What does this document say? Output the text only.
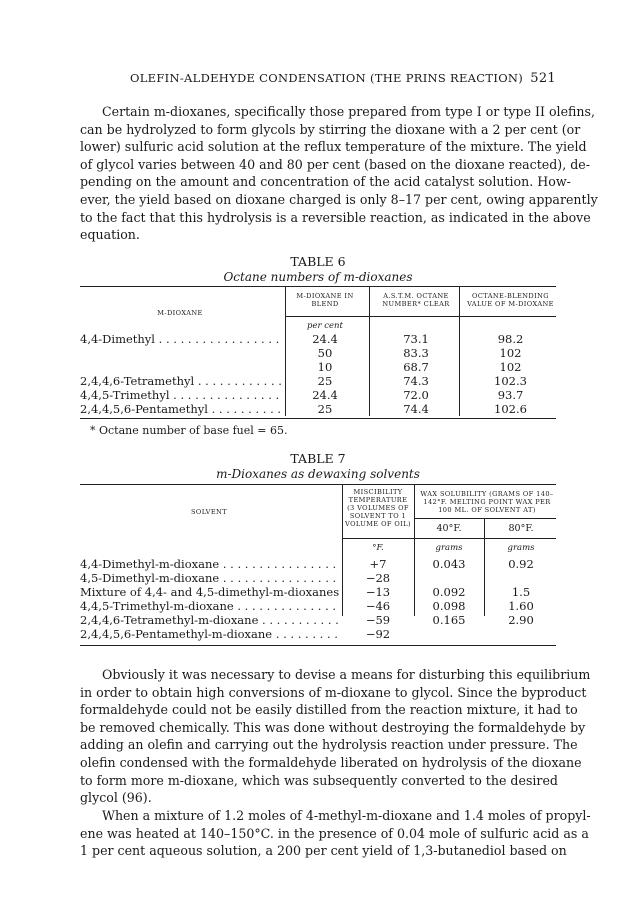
OLEFIN-ALDEHYDE CONDENSATION (THE PRINS REACTION) 521
Certain m-dioxanes, specifically those prepared from type I or type II olefins,
can be hydrolyzed to form glycols by stirring the dioxane with a 2 per cent (or
lower) sulfuric acid solution at the reflux temperature of the mixture. The yield
of glycol varies between 40 and 80 per cent (based on the dioxane reacted), de-
pending on the amount and concentration of the acid catalyst solution. How-
ever, the yield based on dioxane charged is only 8–17 per cent, owing apparently
to the fact that this hydrolysis is a reversible reaction, as indicated in the above
equation.
TABLE 6
Octane numbers of m-dioxanes
M-DIOXANE
M-DIOXANE IN BLEND
A.S.T.M. OCTANE NUMBER* CLEAR
OCTANE-BLENDING VALUE OF M-DIOXANE
per cent
4,4-Dimethyl . . .	24.4	73.1	98.2
50	83.3	102
10	68.7	102
2,4,4,6-Tetramethyl . . .	25	74.3	102.3
4,4,5-Trimethyl . . .	24.4	72.0	93.7
2,4,4,5,6-Pentamethyl . . .	25	74.4	102.6
* Octane number of base fuel = 65.
TABLE 7
m-Dioxanes as dewaxing solvents
SOLVENT
MISCIBILITY TEMPERATURE (3 VOLUMES OF SOLVENT TO 1 VOLUME OF OIL)
WAX SOLUBILITY (GRAMS OF 140–142°F. MELTING POINT WAX PER 100 ML. OF SOLVENT AT)
40°F.	80°F.
°F.	grams	grams
4,4-Dimethyl-m-dioxane . . .	+7	0.043	0.92
4,5-Dimethyl-m-dioxane . . .	−28
Mixture of 4,4- and 4,5-dimethyl-m-dioxanes . . .	−13	0.092	1.5
4,4,5-Trimethyl-m-dioxane . . .	−46	0.098	1.60
2,4,4,6-Tetramethyl-m-dioxane . . .	−59	0.165	2.90
2,4,4,5,6-Pentamethyl-m-dioxane . . .	−92
Obviously it was necessary to devise a means for disturbing this equilibrium
in order to obtain high conversions of m-dioxane to glycol. Since the byproduct
formaldehyde could not be easily distilled from the reaction mixture, it had to
be removed chemically. This was done without destroying the formaldehyde by
adding an olefin and carrying out the hydrolysis reaction under pressure. The
olefin condensed with the formaldehyde liberated on hydrolysis of the dioxane
to form more m-dioxane, which was subsequently converted to the desired
glycol (96).
When a mixture of 1.2 moles of 4-methyl-m-dioxane and 1.4 moles of propyl-
ene was heated at 140–150°C. in the presence of 0.04 mole of sulfuric acid as a
1 per cent aqueous solution, a 200 per cent yield of 1,3-butanediol based on
